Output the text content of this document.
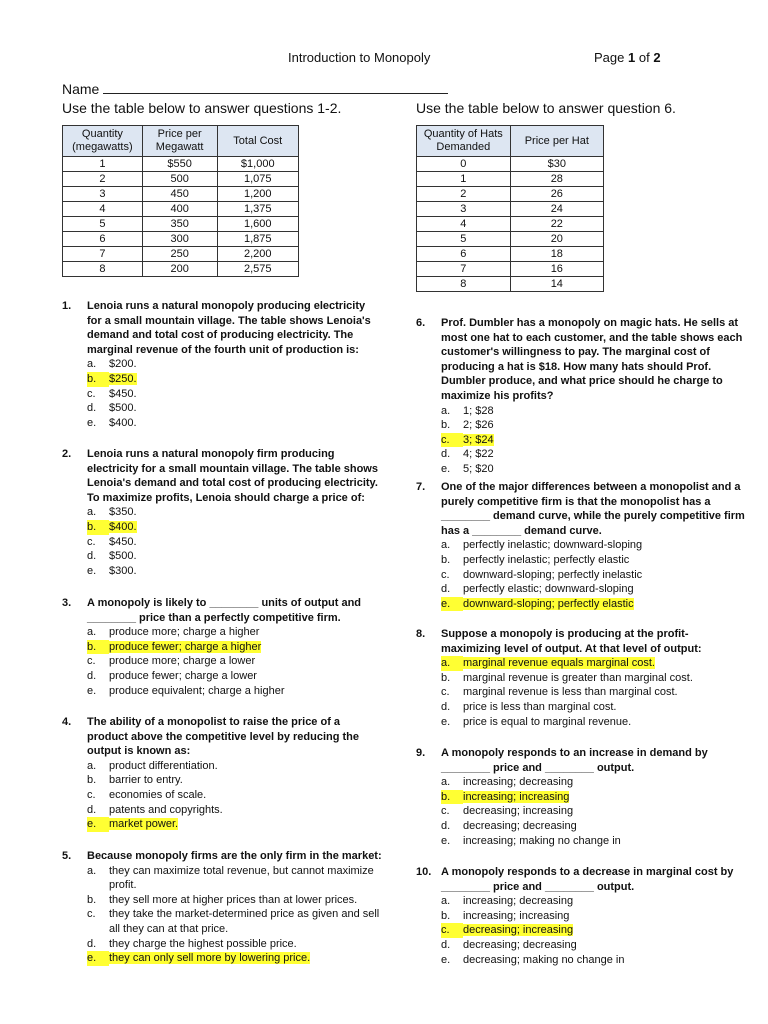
Introduction to Monopoly	Page 1 of 2
Name
Use the table below to answer questions 1-2.	Use the table below to answer question 6.
Quantity (megawatts)	Price per Megawatt	Total Cost
1	$550	$1,000
2	500	1,075
3	450	1,200
4	400	1,375
5	350	1,600
6	300	1,875
7	250	2,200
8	200	2,575
Quantity of Hats Demanded	Price per Hat
0	$30
1	28
2	26
3	24
4	22
5	20
6	18
7	16
8	14
1.	Lenoia runs a natural monopoly producing electricity for a small mountain village. The table shows Lenoia's demand and total cost of producing electricity. The marginal revenue of the fourth unit of production is:
a.	$200.
b.	$250.
c.	$450.
d.	$500.
e.	$400.
2.	Lenoia runs a natural monopoly firm producing electricity for a small mountain village. The table shows Lenoia's demand and total cost of producing electricity. To maximize profits, Lenoia should charge a price of:
a.	$350.
b.	$400.
c.	$450.
d.	$500.
e.	$300.
3.	A monopoly is likely to ________ units of output and ________ price than a perfectly competitive firm.
a.	produce more; charge a higher
b.	produce fewer; charge a higher
c.	produce more; charge a lower
d.	produce fewer; charge a lower
e.	produce equivalent; charge a higher
4.	The ability of a monopolist to raise the price of a product above the competitive level by reducing the output is known as:
a.	product differentiation.
b.	barrier to entry.
c.	economies of scale.
d.	patents and copyrights.
e.	market power.
5.	Because monopoly firms are the only firm in the market:
a.	they can maximize total revenue, but cannot maximize profit.
b.	they sell more at higher prices than at lower prices.
c.	they take the market-determined price as given and sell all they can at that price.
d.	they charge the highest possible price.
e.	they can only sell more by lowering price.
6.	Prof. Dumbler has a monopoly on magic hats. He sells at most one hat to each customer, and the table shows each customer's willingness to pay. The marginal cost of producing a hat is $18. How many hats should Prof. Dumbler produce, and what price should he charge to maximize his profits?
a.	1; $28
b.	2; $26
c.	3; $24
d.	4; $22
e.	5; $20
7.	One of the major differences between a monopolist and a purely competitive firm is that the monopolist has a ________ demand curve, while the purely competitive firm has a ________ demand curve.
a.	perfectly inelastic; downward-sloping
b.	perfectly inelastic; perfectly elastic
c.	downward-sloping; perfectly inelastic
d.	perfectly elastic; downward-sloping
e.	downward-sloping; perfectly elastic
8.	Suppose a monopoly is producing at the profit-maximizing level of output. At that level of output:
a.	marginal revenue equals marginal cost.
b.	marginal revenue is greater than marginal cost.
c.	marginal revenue is less than marginal cost.
d.	price is less than marginal cost.
e.	price is equal to marginal revenue.
9.	A monopoly responds to an increase in demand by ________ price and ________ output.
a.	increasing; decreasing
b.	increasing; increasing
c.	decreasing; increasing
d.	decreasing; decreasing
e.	increasing; making no change in
10. A monopoly responds to a decrease in marginal cost by ________ price and ________ output.
a.	increasing; decreasing
b.	increasing; increasing
c.	decreasing; increasing
d.	decreasing; decreasing
e.	decreasing; making no change in
